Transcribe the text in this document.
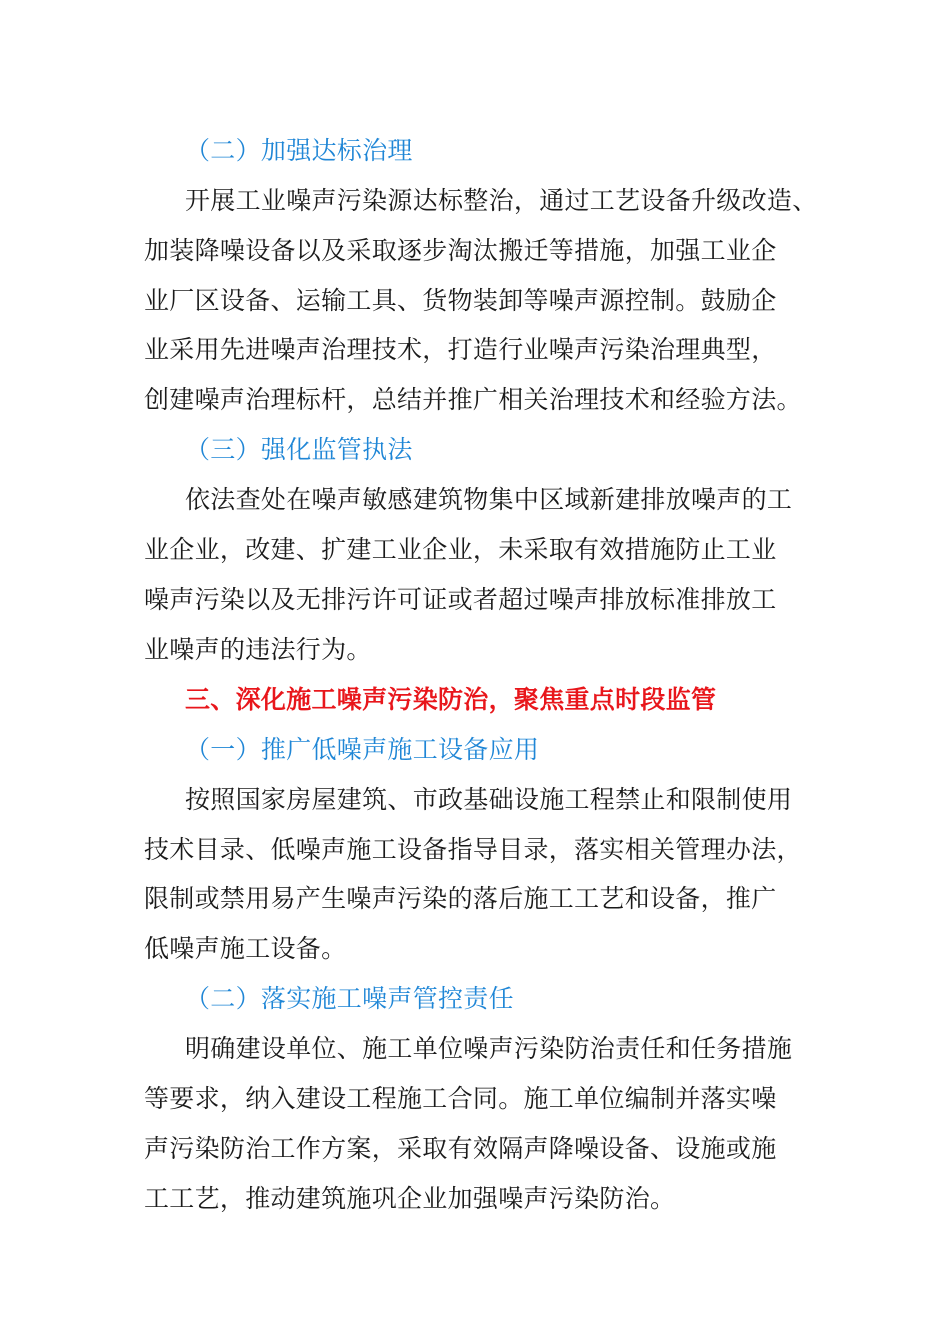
（二）加强达标治理
开展工业噪声污染源达标整治，通过工艺设备升级改造、
加装降噪设备以及采取逐步淘汰搬迁等措施，加强工业企
业厂区设备、运输工具、货物装卸等噪声源控制。鼓励企
业采用先进噪声治理技术，打造行业噪声污染治理典型，
创建噪声治理标杆，总结并推广相关治理技术和经验方法。
（三）强化监管执法
依法查处在噪声敏感建筑物集中区域新建排放噪声的工
业企业，改建、扩建工业企业，未采取有效措施防止工业
噪声污染以及无排污许可证或者超过噪声排放标准排放工
业噪声的违法行为。
三、深化施工噪声污染防治，聚焦重点时段监管
（一）推广低噪声施工设备应用
按照国家房屋建筑、市政基础设施工程禁止和限制使用
技术目录、低噪声施工设备指导目录，落实相关管理办法，
限制或禁用易产生噪声污染的落后施工工艺和设备，推广
低噪声施工设备。
（二）落实施工噪声管控责任
明确建设单位、施工单位噪声污染防治责任和任务措施
等要求，纳入建设工程施工合同。施工单位编制并落实噪
声污染防治工作方案，采取有效隔声降噪设备、设施或施
工工艺，推动建筑施巩企业加强噪声污染防治。
